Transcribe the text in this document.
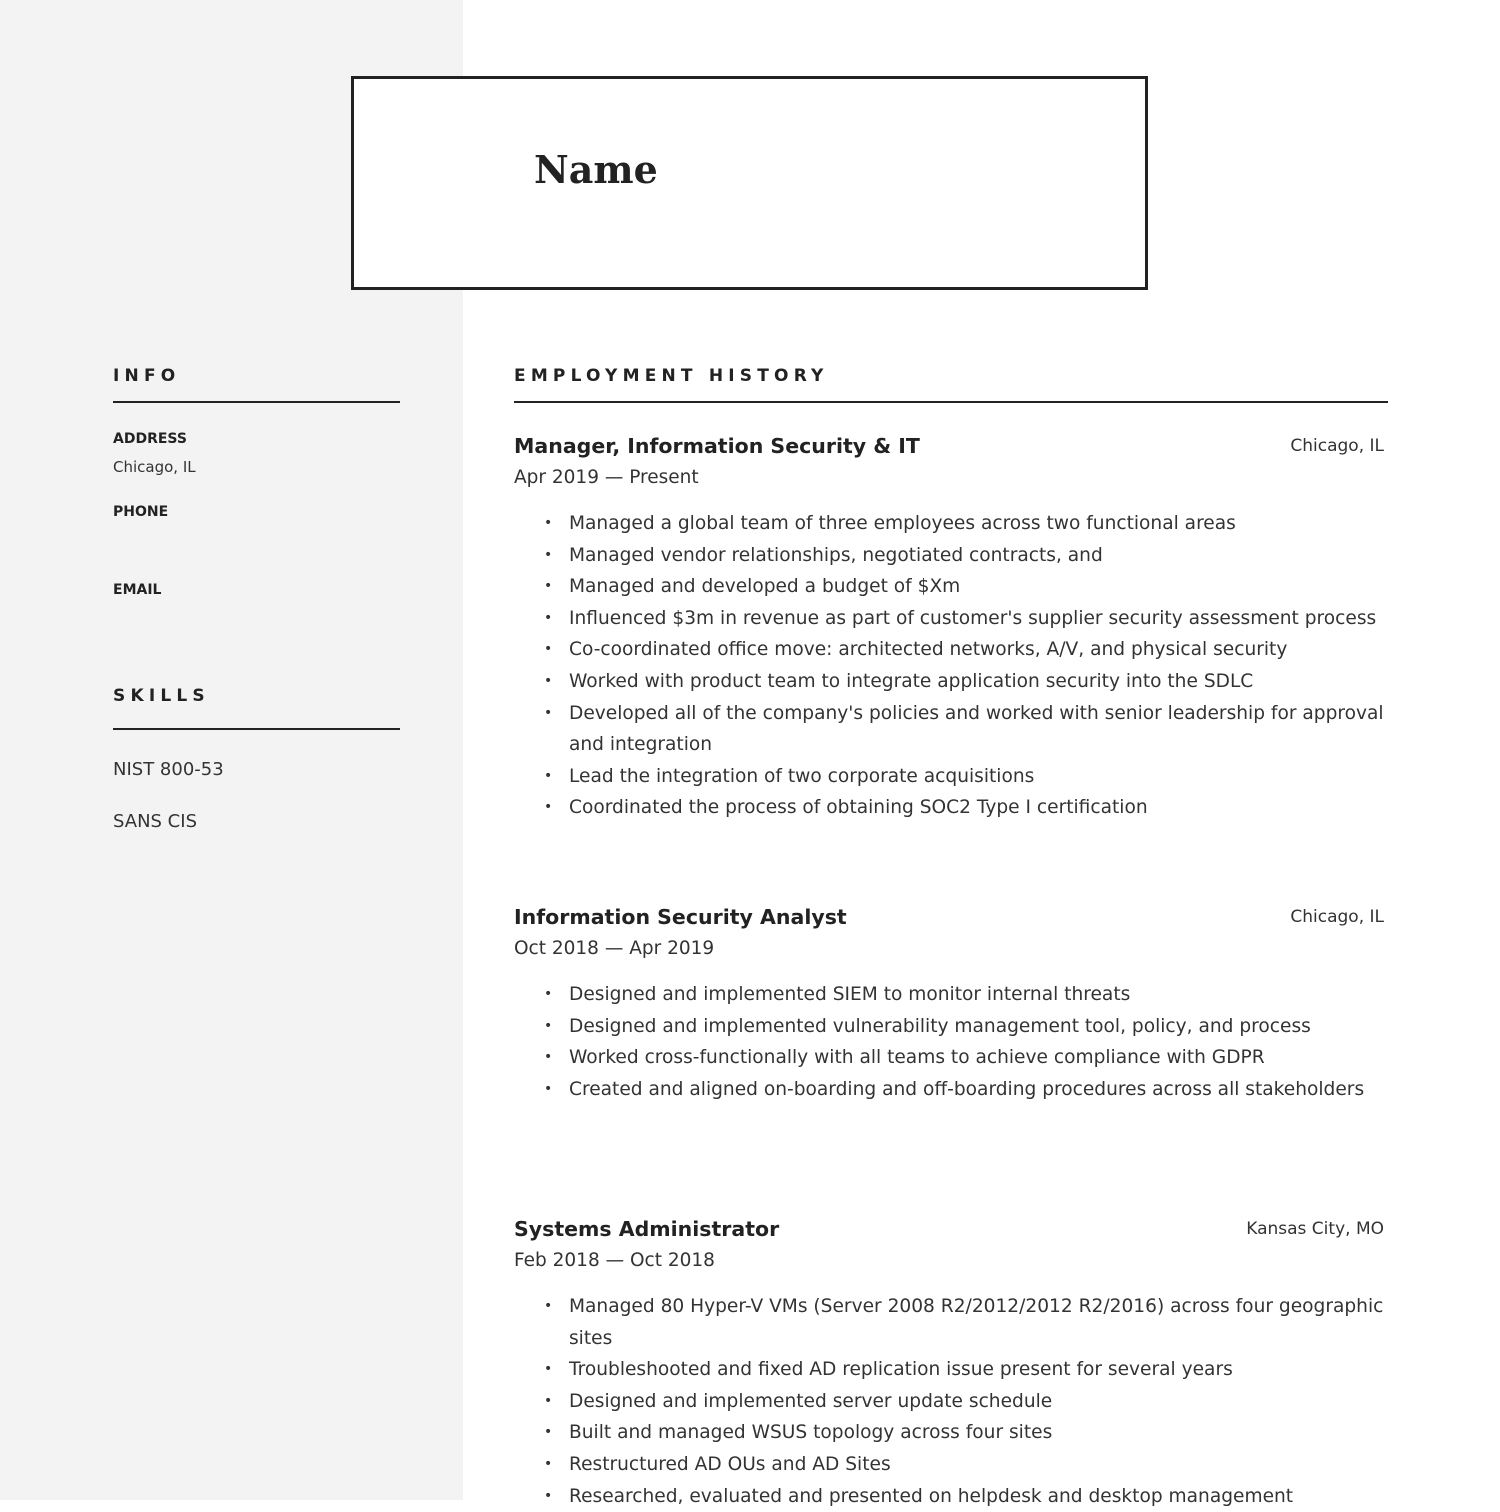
Name
INFO
ADDRESS
Chicago, IL
PHONE
EMAIL
SKILLS
NIST 800-53
SANS CIS
EMPLOYMENT HISTORY
Manager, Information Security & IT	Chicago, IL
Apr 2019 — Present
• Managed a global team of three employees across two functional areas
• Managed vendor relationships, negotiated contracts, and
• Managed and developed a budget of $Xm
• Influenced $3m in revenue as part of customer's supplier security assessment process
• Co-coordinated office move: architected networks, A/V, and physical security
• Worked with product team to integrate application security into the SDLC
• Developed all of the company's policies and worked with senior leadership for approval and integration
• Lead the integration of two corporate acquisitions
• Coordinated the process of obtaining SOC2 Type I certification
Information Security Analyst	Chicago, IL
Oct 2018 — Apr 2019
• Designed and implemented SIEM to monitor internal threats
• Designed and implemented vulnerability management tool, policy, and process
• Worked cross-functionally with all teams to achieve compliance with GDPR
• Created and aligned on-boarding and off-boarding procedures across all stakeholders
Systems Administrator	Kansas City, MO
Feb 2018 — Oct 2018
• Managed 80 Hyper-V VMs (Server 2008 R2/2012/2012 R2/2016) across four geographic sites
• Troubleshooted and fixed AD replication issue present for several years
• Designed and implemented server update schedule
• Built and managed WSUS topology across four sites
• Restructured AD OUs and AD Sites
• Researched, evaluated and presented on helpdesk and desktop management
